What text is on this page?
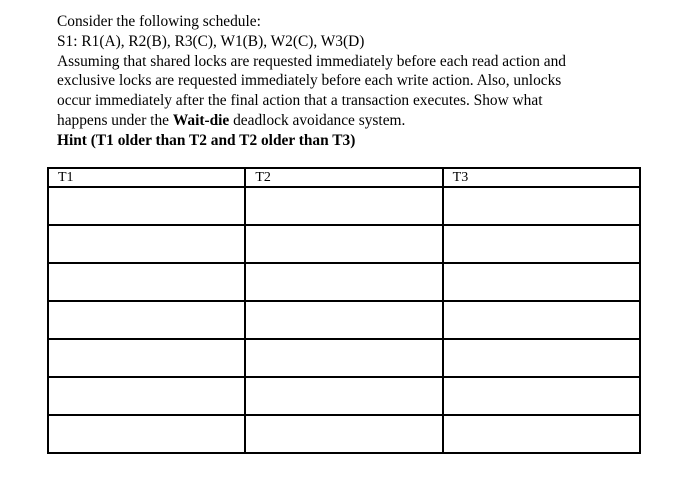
Consider the following schedule:
S1: R1(A), R2(B), R3(C), W1(B), W2(C), W3(D)
Assuming that shared locks are requested immediately before each read action and
exclusive locks are requested immediately before each write action. Also, unlocks
occur immediately after the final action that a transaction executes. Show what
happens under the Wait-die deadlock avoidance system.
Hint (T1 older than T2 and T2 older than T3)
T1	T2	T3
